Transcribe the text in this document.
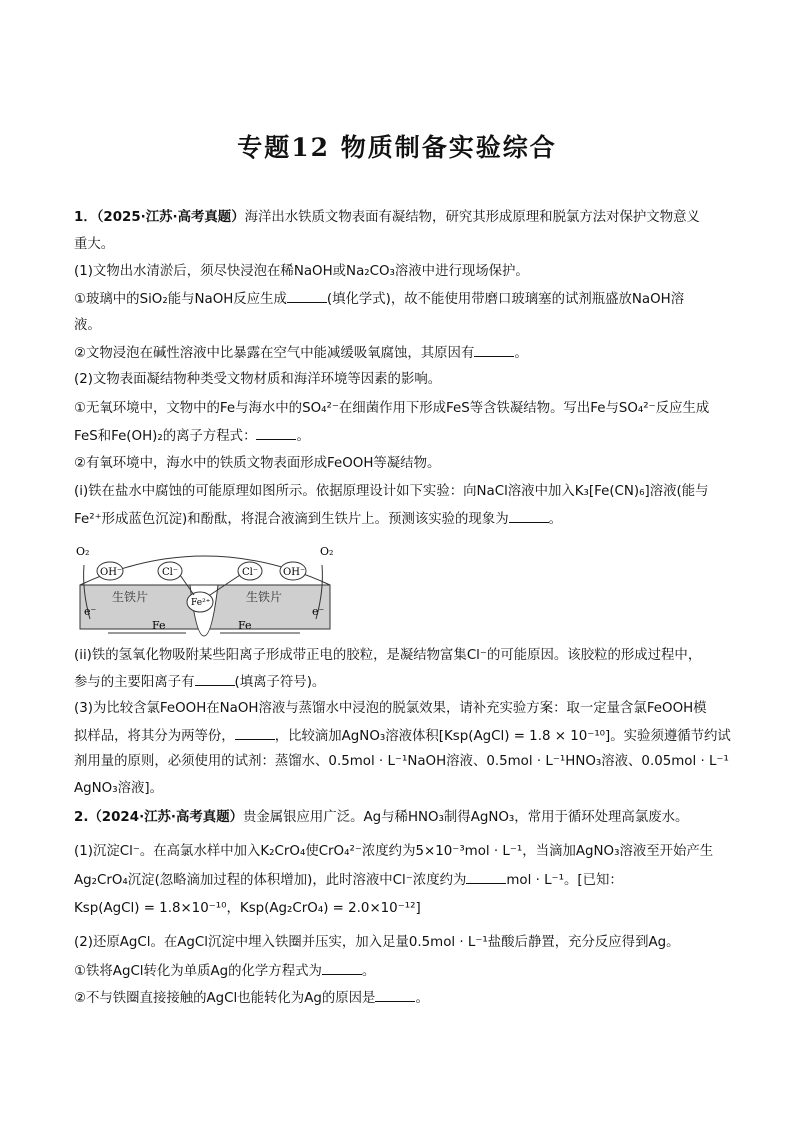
专题12 物质制备实验综合
1．（2025·江苏·高考真题）海洋出水铁质文物表面有凝结物，研究其形成原理和脱氯方法对保护文物意义
重大。
(1)文物出水清淤后，须尽快浸泡在稀NaOH或Na₂CO₃溶液中进行现场保护。
①玻璃中的SiO₂能与NaOH反应生成	(填化学式)，故不能使用带磨口玻璃塞的试剂瓶盛放NaOH溶
液。
②文物浸泡在碱性溶液中比暴露在空气中能减缓吸氧腐蚀，其原因有	。
(2)文物表面凝结物种类受文物材质和海洋环境等因素的影响。
①无氧环境中，文物中的Fe与海水中的SO₄²⁻在细菌作用下形成FeS等含铁凝结物。写出Fe与SO₄²⁻反应生成
FeS和Fe(OH)₂的离子方程式：	。
②有氧环境中，海水中的铁质文物表面形成FeOOH等凝结物。
(i)铁在盐水中腐蚀的可能原理如图所示。依据原理设计如下实验：向NaCl溶液中加入K₃[Fe(CN)₆]溶液(能与
Fe²⁺形成蓝色沉淀)和酚酞，将混合液滴到生铁片上。预测该实验的现象为	。
O₂	O₂
OH⁻	Cl⁻	Cl⁻ OH⁻
Fe²⁺
生铁片	生铁片
e⁻	e⁻
Fe	Fe
(ii)铁的氢氧化物吸附某些阳离子形成带正电的胶粒，是凝结物富集Cl⁻的可能原因。该胶粒的形成过程中，
参与的主要阳离子有	(填离子符号)。
(3)为比较含氯FeOOH在NaOH溶液与蒸馏水中浸泡的脱氯效果，请补充实验方案：取一定量含氯FeOOH模
拟样品，将其分为两等份，	，比较滴加AgNO₃溶液体积[Ksp(AgCl) = 1.8 × 10⁻¹⁰]。实验须遵循节约试
剂用量的原则，必须使用的试剂：蒸馏水、0.5mol · L⁻¹NaOH溶液、0.5mol · L⁻¹HNO₃溶液、0.05mol · L⁻¹
AgNO₃溶液]。
2.（2024·江苏·高考真题）贵金属银应用广泛。Ag与稀HNO₃制得AgNO₃，常用于循环处理高氯废水。
(1)沉淀Cl⁻。在高氯水样中加入K₂CrO₄使CrO₄²⁻浓度约为5×10⁻³mol · L⁻¹，当滴加AgNO₃溶液至开始产生
Ag₂CrO₄沉淀(忽略滴加过程的体积增加)，此时溶液中Cl⁻浓度约为	mol · L⁻¹。[已知：
Ksp(AgCl) = 1.8×10⁻¹⁰，Ksp(Ag₂CrO₄) = 2.0×10⁻¹²]
(2)还原AgCl。在AgCl沉淀中埋入铁圈并压实，加入足量0.5mol · L⁻¹盐酸后静置，充分反应得到Ag。
①铁将AgCl转化为单质Ag的化学方程式为	。
②不与铁圈直接接触的AgCl也能转化为Ag的原因是	。
